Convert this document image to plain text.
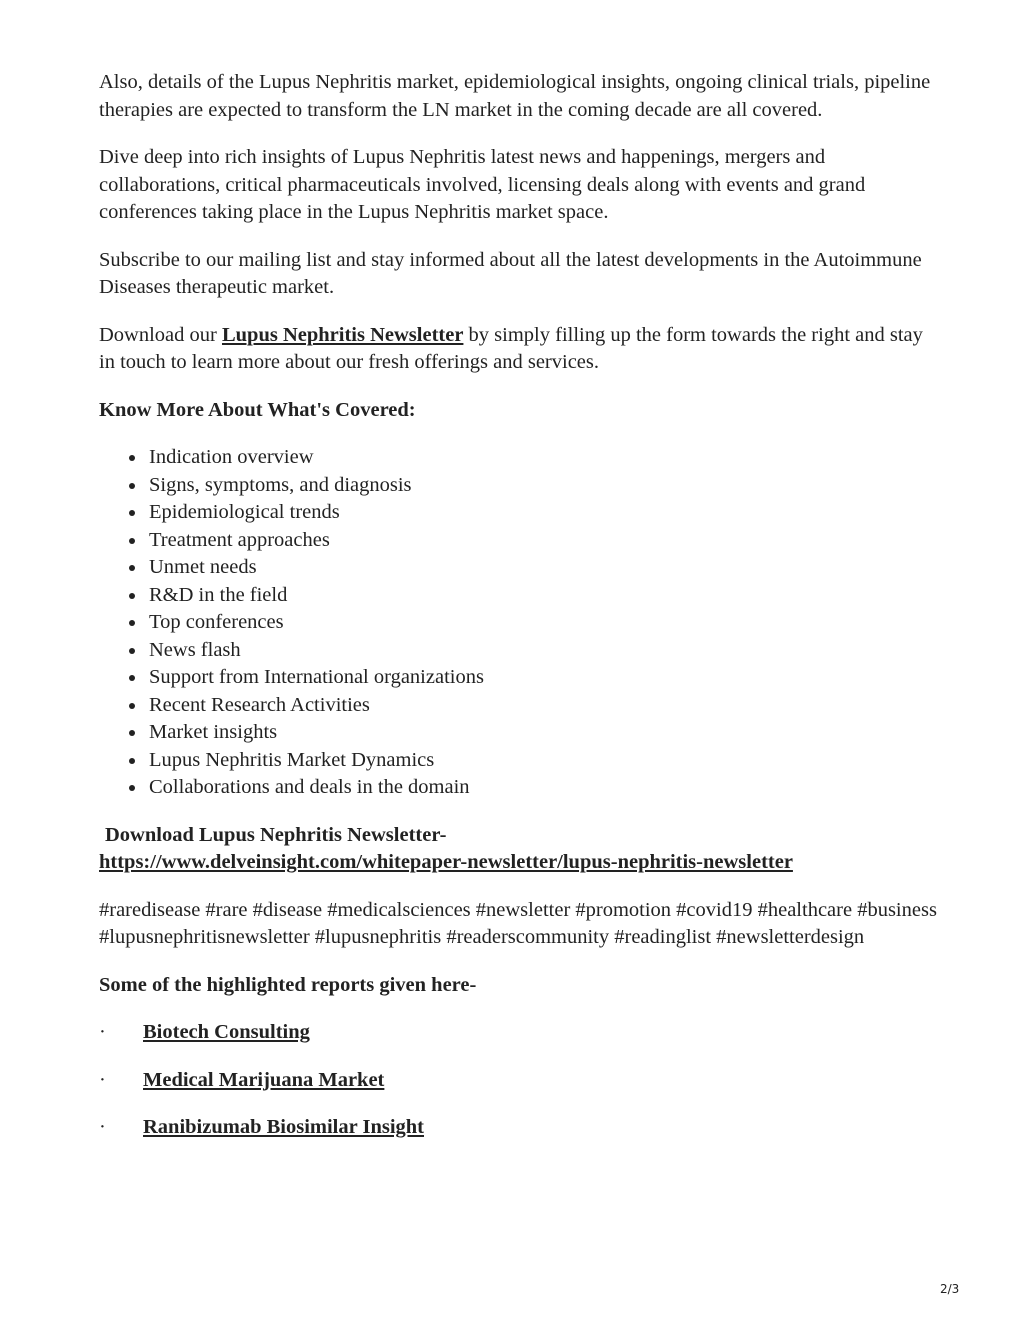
Also, details of the Lupus Nephritis market, epidemiological insights, ongoing clinical trials, pipeline therapies are expected to transform the LN market in the coming decade are all covered.

Dive deep into rich insights of Lupus Nephritis latest news and happenings, mergers and collaborations, critical pharmaceuticals involved, licensing deals along with events and grand conferences taking place in the Lupus Nephritis market space.

Subscribe to our mailing list and stay informed about all the latest developments in the Autoimmune Diseases therapeutic market.

Download our Lupus Nephritis Newsletter by simply filling up the form towards the right and stay in touch to learn more about our fresh offerings and services.

Know More About What's Covered:

Indication overview
Signs, symptoms, and diagnosis
Epidemiological trends
Treatment approaches
Unmet needs
R&D in the field
Top conferences
News flash
Support from International organizations
Recent Research Activities
Market insights
Lupus Nephritis Market Dynamics
Collaborations and deals in the domain
Download Lupus Nephritis Newsletter-
https://www.delveinsight.com/whitepaper-newsletter/lupus-nephritis-newsletter

#raredisease #rare #disease #medicalsciences #newsletter #promotion #covid19 #healthcare #business #lupusnephritisnewsletter #lupusnephritis #readerscommunity #readinglist #newsletterdesign

Some of the highlighted reports given here-

·	Biotech Consulting
·	Medical Marijuana Market
·	Ranibizumab Biosimilar Insight
2/3
